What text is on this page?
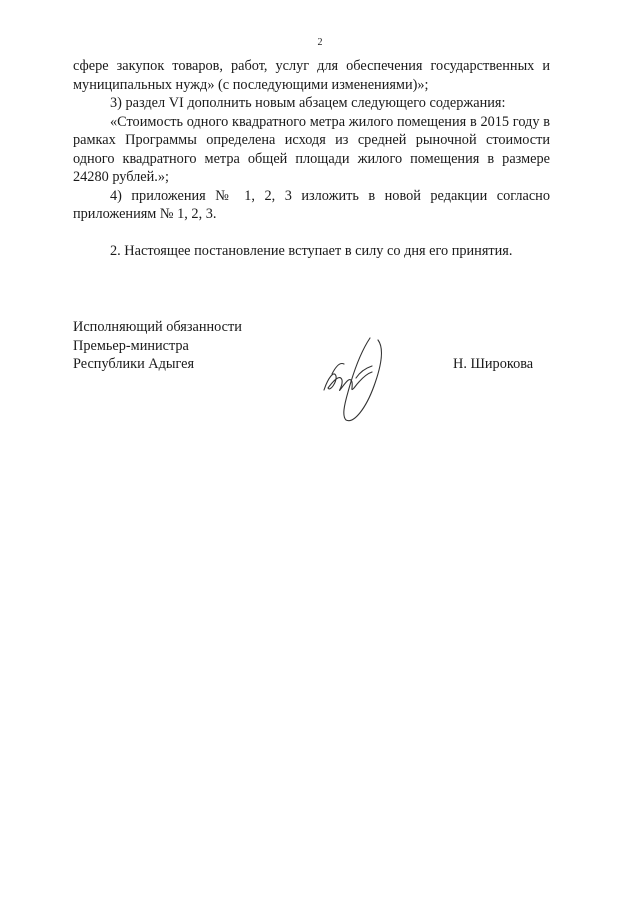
2

сфере закупок товаров, работ, услуг для обеспечения государственных и муниципальных нужд» (с последующими изменениями)»;

3) раздел VI дополнить новым абзацем следующего содержания:

«Стоимость одного квадратного метра жилого помещения в 2015 году в рамках Программы определена исходя из средней рыночной стоимости одного квадратного метра общей площади жилого помещения в размере 24280 рублей.»;

4) приложения № 1, 2, 3 изложить в новой редакции согласно приложениям № 1, 2, 3.

2. Настоящее постановление вступает в силу со дня его принятия.

Исполняющий обязанности
Премьер-министра
Республики Адыгея	Н. Широкова
